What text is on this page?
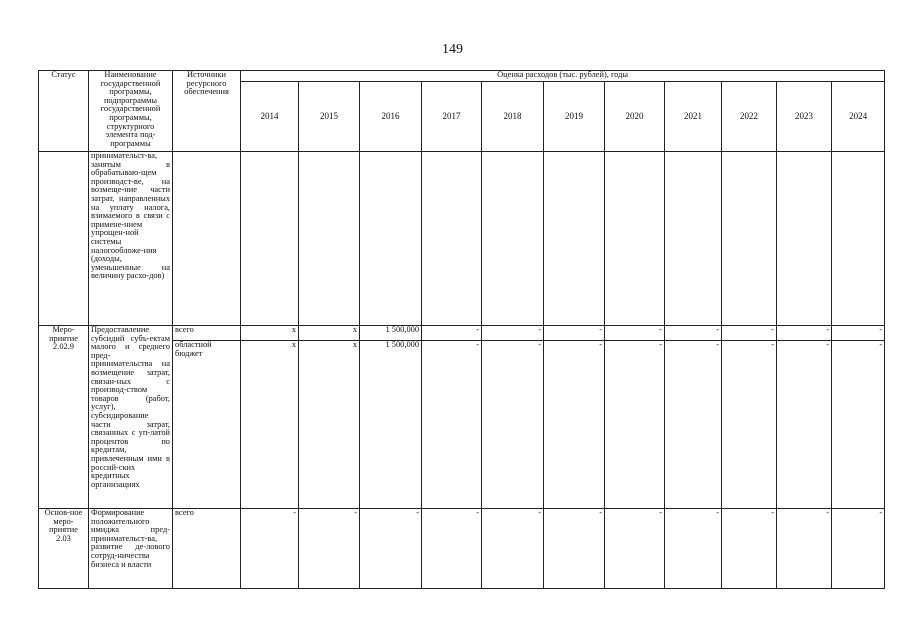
149
Статус	Наименование государственной программы, подпрограммы государственной программы, структурного элемента под-программы	Источники ресурсного обеспечения	Оценка расходов (тыс. рублей), годы										
			2014	2015	2016	2017	2018	2019	2020	2021	2022	2023	2024
	принимательст-ва, занятым в обрабатываю-щем производст-ве, на возмеще-ние части затрат, направленных на уплату налога, взимаемого в связи с примене-нием упрощен-ной системы налогообложе-ния (доходы, уменьшенные на величину расхо-дов)												
Меро-приятие 2.02.9	Предоставление субсидий субъ-ектам малого и среднего пред-принимательства на возмещение затрат, связан-ных с производ-ством товаров (работ, услуг), субсидирование части затрат, связанных с уп-латой процентов по кредитам, привлеченным ими в россий-ских кредитных организациях	всего	х	х	1 500,000	-	-	-	-	-	-	-	-
		областной бюджет	х	х	1 500,000	-	-	-	-	-	-	-	-
Основ-ное меро-приятие 2.03	Формирование положительного имиджа пред-принимательст-ва, развитие де-лового сотруд-ничества бизнеса и власти	всего	-	-	-	-	-	-	-	-	-	-	-
